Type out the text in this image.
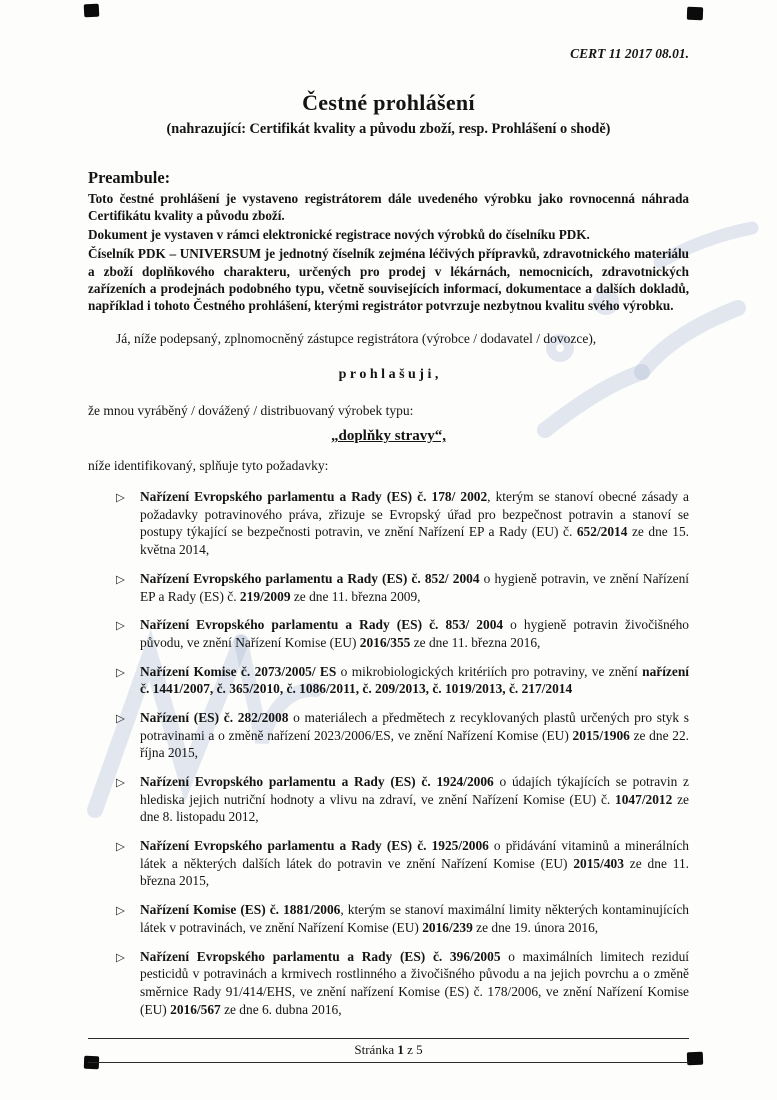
CERT 11 2017 08.01.
Čestné prohlášení
(nahrazující: Certifikát kvality a původu zboží, resp. Prohlášení o shodě)
Preambule:

Toto čestné prohlášení je vystaveno registrátorem dále uvedeného výrobku jako rovnocenná náhrada Certifikátu kvality a původu zboží.

Dokument je vystaven v rámci elektronické registrace nových výrobků do číselníku PDK.

Číselník PDK – UNIVERSUM je jednotný číselník zejména léčivých přípravků, zdravotnického materiálu a zboží doplňkového charakteru, určených pro prodej v lékárnách, nemocnicích, zdravotnických zařízeních a prodejnách podobného typu, včetně souvisejících informací, dokumentace a dalších dokladů, například i tohoto Čestného prohlášení, kterými registrátor potvrzuje nezbytnou kvalitu svého výrobku.

Já, níže podepsaný, zplnomocněný zástupce registrátora (výrobce / dodavatel / dovozce),

p r o h l a š u j i ,

že mnou vyráběný / dovážený / distribuovaný výrobek typu:

„doplňky stravy“,

níže identifikovaný, splňuje tyto požadavky:

▷	Nařízení Evropského parlamentu a Rady (ES) č. 178/ 2002, kterým se stanoví obecné zásady a požadavky potravinového práva, zřizuje se Evropský úřad pro bezpečnost potravin a stanoví se postupy týkající se bezpečnosti potravin, ve znění Nařízení EP a Rady (EU) č. 652/2014 ze dne 15. května 2014,
▷	Nařízení Evropského parlamentu a Rady (ES) č. 852/ 2004 o hygieně potravin, ve znění Nařízení EP a Rady (ES) č. 219/2009 ze dne 11. března 2009,
▷	Nařízení Evropského parlamentu a Rady (ES) č. 853/ 2004 o hygieně potravin živočišného původu, ve znění Nařízení Komise (EU) 2016/355 ze dne 11. března 2016,
▷	Nařízení Komise č. 2073/2005/ ES o mikrobiologických kritériích pro potraviny, ve znění nařízení č. 1441/2007, č. 365/2010, č. 1086/2011, č. 209/2013, č. 1019/2013, č. 217/2014
▷	Nařízení (ES) č. 282/2008 o materiálech a předmětech z recyklovaných plastů určených pro styk s potravinami a o změně nařízení 2023/2006/ES, ve znění Nařízení Komise (EU) 2015/1906 ze dne 22. října 2015,
▷	Nařízení Evropského parlamentu a Rady (ES) č. 1924/2006 o údajích týkajících se potravin z hlediska jejich nutriční hodnoty a vlivu na zdraví, ve znění Nařízení Komise (EU) č. 1047/2012 ze dne 8. listopadu 2012,
▷	Nařízení Evropského parlamentu a Rady (ES) č. 1925/2006 o přidávání vitaminů a minerálních látek a některých dalších látek do potravin ve znění Nařízení Komise (EU) 2015/403 ze dne 11. března 2015,
▷	Nařízení Komise (ES) č. 1881/2006, kterým se stanoví maximální limity některých kontaminujících látek v potravinách, ve znění Nařízení Komise (EU) 2016/239 ze dne 19. února 2016,
▷	Nařízení Evropského parlamentu a Rady (ES) č. 396/2005 o maximálních limitech reziduí pesticidů v potravinách a krmivech rostlinného a živočišného původu a na jejich povrchu a o změně směrnice Rady 91/414/EHS, ve znění nařízení Komise (ES) č. 178/2006, ve znění Nařízení Komise (EU) 2016/567 ze dne 6. dubna 2016,
Stránka 1 z 5
